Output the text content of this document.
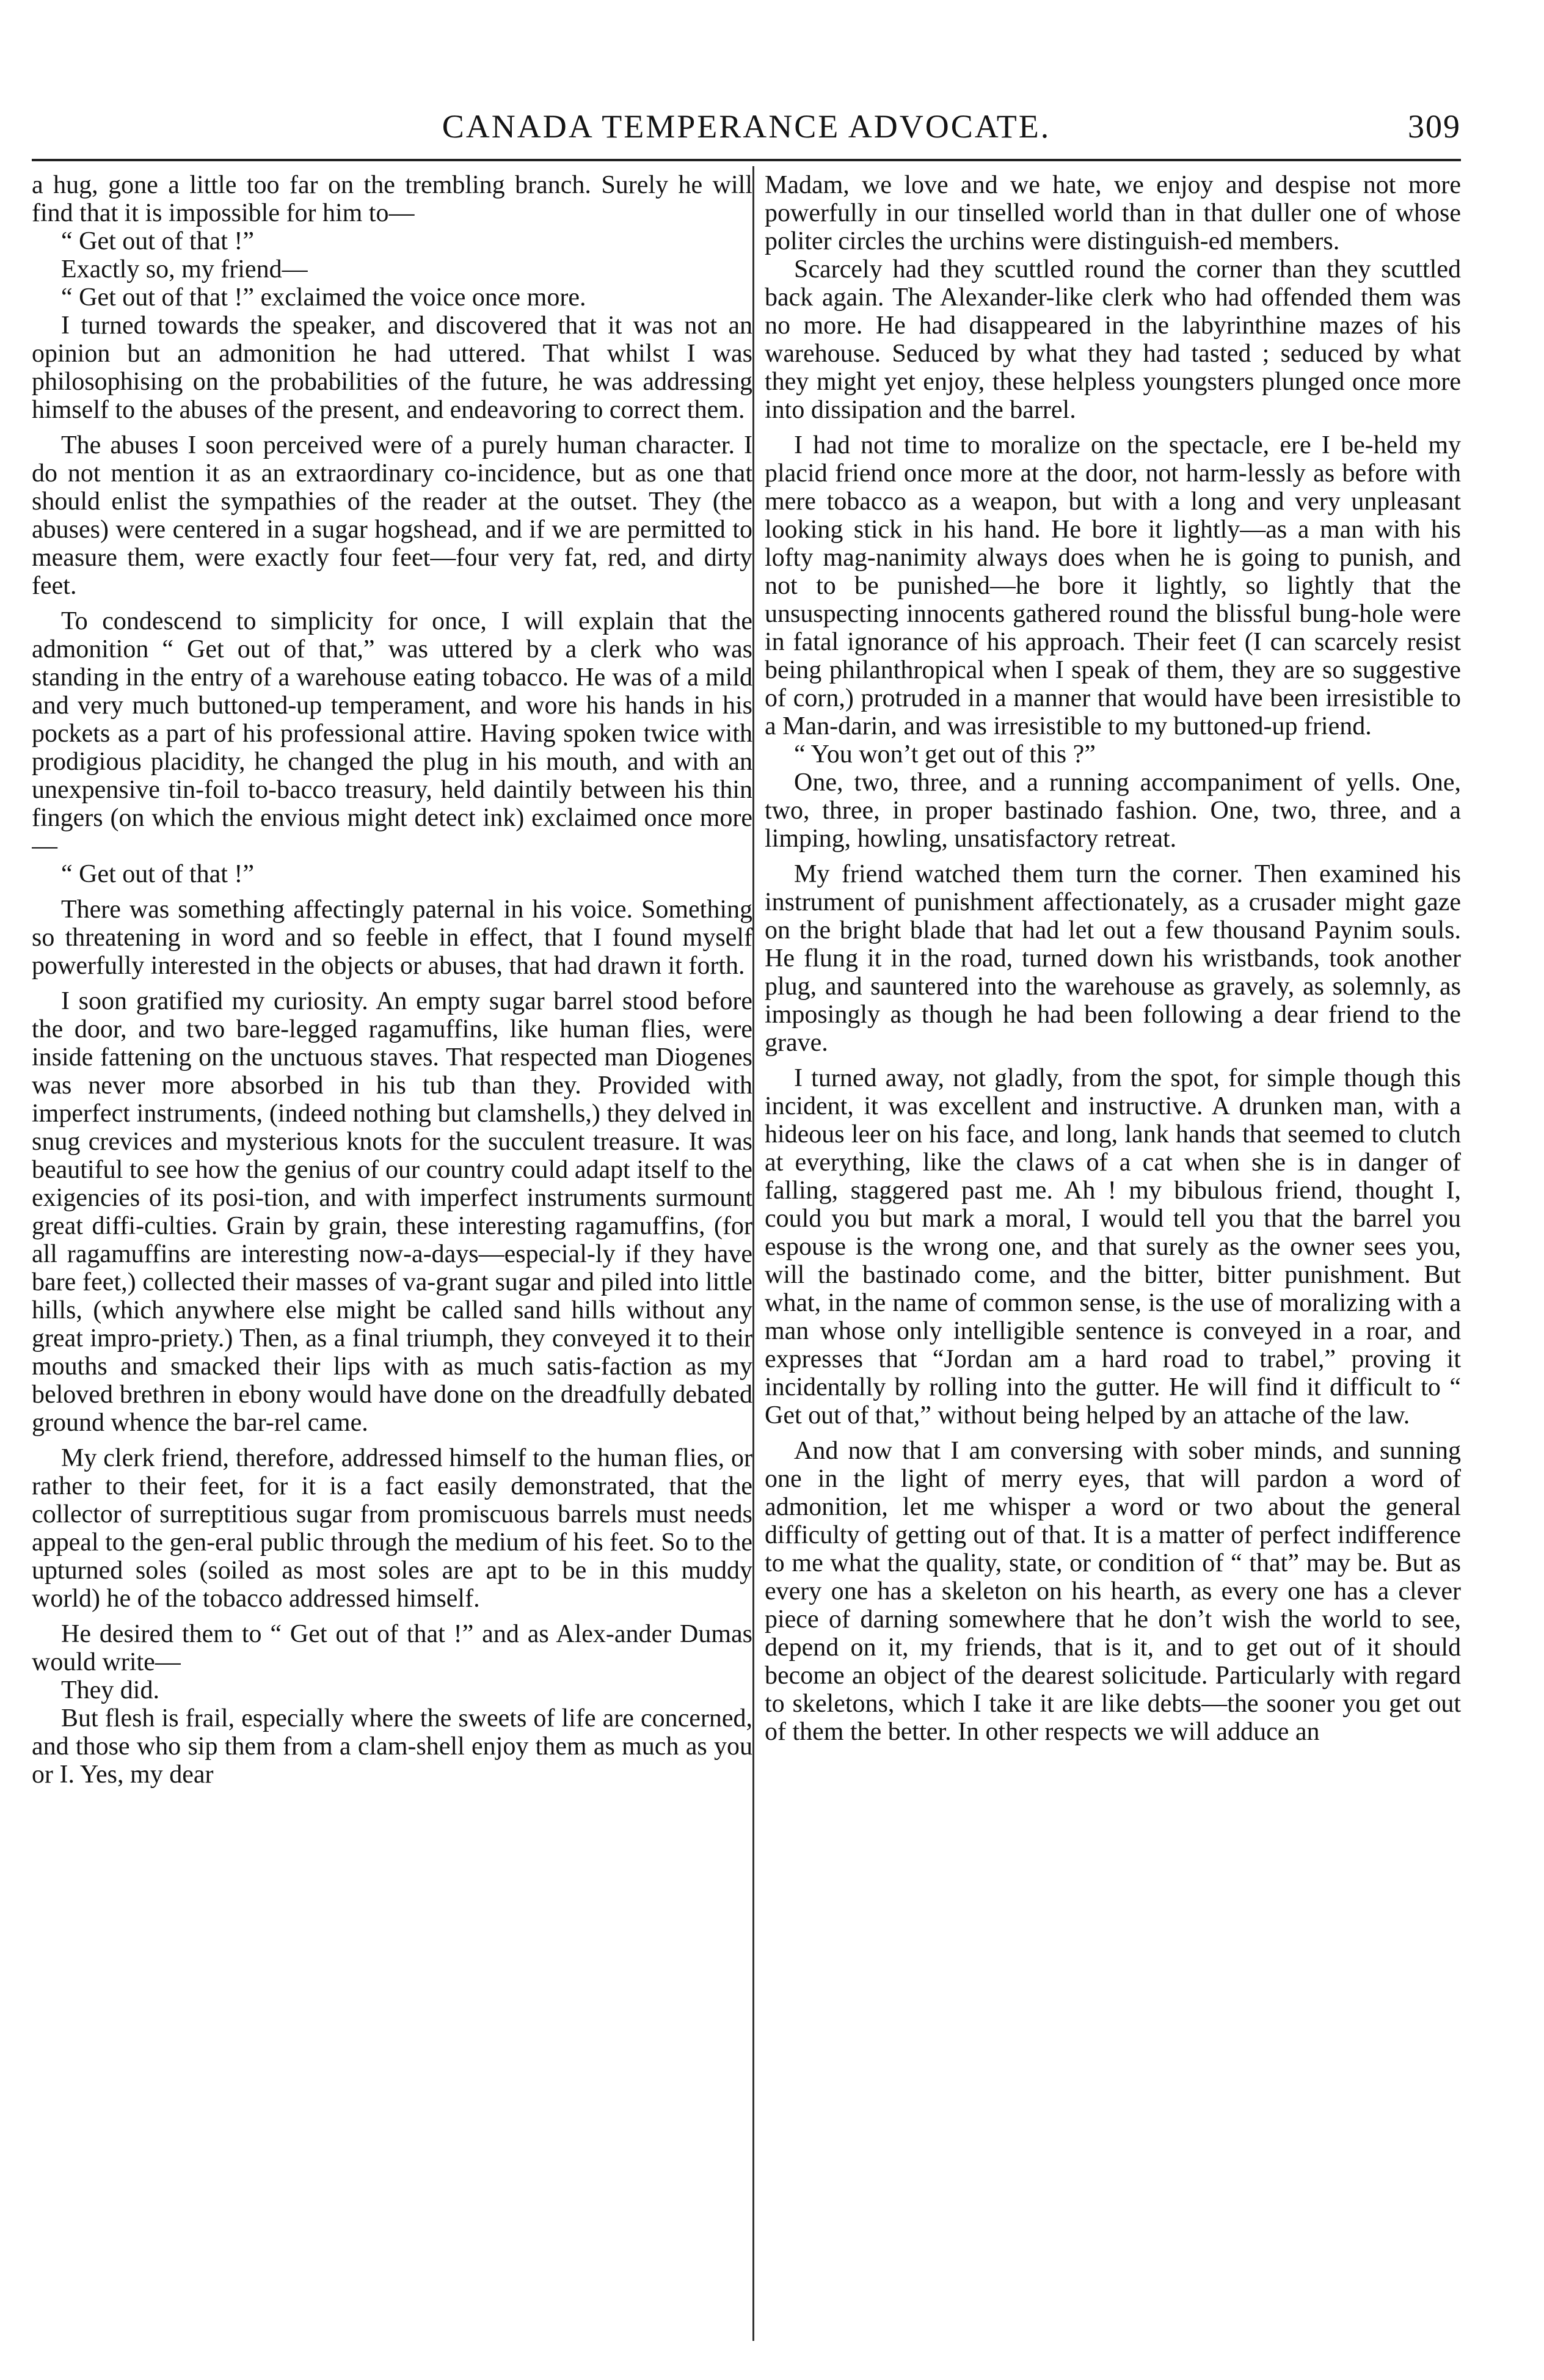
CANADA TEMPERANCE ADVOCATE.	309

a hug, gone a little too far on the trembling branch. Surely he will find that it is impossible for him to—

“ Get out of that !”

Exactly so, my friend—

“ Get out of that !” exclaimed the voice once more.

I turned towards the speaker, and discovered that it was not an opinion but an admonition he had uttered. That whilst I was philosophising on the probabilities of the future, he was addressing himself to the abuses of the present, and endeavoring to correct them.

The abuses I soon perceived were of a purely human character. I do not mention it as an extraordinary co-incidence, but as one that should enlist the sympathies of the reader at the outset. They (the abuses) were centered in a sugar hogshead, and if we are permitted to measure them, were exactly four feet—four very fat, red, and dirty feet.

To condescend to simplicity for once, I will explain that the admonition “ Get out of that,” was uttered by a clerk who was standing in the entry of a warehouse eating tobacco. He was of a mild and very much buttoned-up temperament, and wore his hands in his pockets as a part of his professional attire. Having spoken twice with prodigious placidity, he changed the plug in his mouth, and with an unexpensive tin-foil to-bacco treasury, held daintily between his thin fingers (on which the envious might detect ink) exclaimed once more—

“ Get out of that !”

There was something affectingly paternal in his voice. Something so threatening in word and so feeble in effect, that I found myself powerfully interested in the objects or abuses, that had drawn it forth.

I soon gratified my curiosity. An empty sugar barrel stood before the door, and two bare-legged ragamuffins, like human flies, were inside fattening on the unctuous staves. That respected man Diogenes was never more absorbed in his tub than they. Provided with imperfect instruments, (indeed nothing but clamshells,) they delved in snug crevices and mysterious knots for the succulent treasure. It was beautiful to see how the genius of our country could adapt itself to the exigencies of its posi-tion, and with imperfect instruments surmount great diffi-culties. Grain by grain, these interesting ragamuffins, (for all ragamuffins are interesting now-a-days—especial-ly if they have bare feet,) collected their masses of va-grant sugar and piled into little hills, (which anywhere else might be called sand hills without any great impro-priety.) Then, as a final triumph, they conveyed it to their mouths and smacked their lips with as much satis-faction as my beloved brethren in ebony would have done on the dreadfully debated ground whence the bar-rel came.

My clerk friend, therefore, addressed himself to the human flies, or rather to their feet, for it is a fact easily demonstrated, that the collector of surreptitious sugar from promiscuous barrels must needs appeal to the gen-eral public through the medium of his feet. So to the upturned soles (soiled as most soles are apt to be in this muddy world) he of the tobacco addressed himself.

He desired them to “ Get out of that !” and as Alex-ander Dumas would write—

They did.

But flesh is frail, especially where the sweets of life are concerned, and those who sip them from a clam-shell enjoy them as much as you or I. Yes, my dear

Madam, we love and we hate, we enjoy and despise not more powerfully in our tinselled world than in that duller one of whose politer circles the urchins were distinguish-ed members.

Scarcely had they scuttled round the corner than they scuttled back again. The Alexander-like clerk who had offended them was no more. He had disappeared in the labyrinthine mazes of his warehouse. Seduced by what they had tasted ; seduced by what they might yet enjoy, these helpless youngsters plunged once more into dissipation and the barrel.

I had not time to moralize on the spectacle, ere I be-held my placid friend once more at the door, not harm-lessly as before with mere tobacco as a weapon, but with a long and very unpleasant looking stick in his hand. He bore it lightly—as a man with his lofty mag-nanimity always does when he is going to punish, and not to be punished—he bore it lightly, so lightly that the unsuspecting innocents gathered round the blissful bung-hole were in fatal ignorance of his approach. Their feet (I can scarcely resist being philanthropical when I speak of them, they are so suggestive of corn,) protruded in a manner that would have been irresistible to a Man-darin, and was irresistible to my buttoned-up friend.

“ You won’t get out of this ?”

One, two, three, and a running accompaniment of yells. One, two, three, in proper bastinado fashion. One, two, three, and a limping, howling, unsatisfactory retreat.

My friend watched them turn the corner. Then examined his instrument of punishment affectionately, as a crusader might gaze on the bright blade that had let out a few thousand Paynim souls. He flung it in the road, turned down his wristbands, took another plug, and sauntered into the warehouse as gravely, as solemnly, as imposingly as though he had been following a dear friend to the grave.

I turned away, not gladly, from the spot, for simple though this incident, it was excellent and instructive. A drunken man, with a hideous leer on his face, and long, lank hands that seemed to clutch at everything, like the claws of a cat when she is in danger of falling, staggered past me. Ah ! my bibulous friend, thought I, could you but mark a moral, I would tell you that the barrel you espouse is the wrong one, and that surely as the owner sees you, will the bastinado come, and the bitter, bitter punishment. But what, in the name of common sense, is the use of moralizing with a man whose only intelligible sentence is conveyed in a roar, and expresses that “Jordan am a hard road to trabel,” proving it incidentally by rolling into the gutter. He will find it difficult to “ Get out of that,” without being helped by an attache of the law.

And now that I am conversing with sober minds, and sunning one in the light of merry eyes, that will pardon a word of admonition, let me whisper a word or two about the general difficulty of getting out of that. It is a matter of perfect indifference to me what the quality, state, or condition of “ that” may be. But as every one has a skeleton on his hearth, as every one has a clever piece of darning somewhere that he don’t wish the world to see, depend on it, my friends, that is it, and to get out of it should become an object of the dearest solicitude. Particularly with regard to skeletons, which I take it are like debts—the sooner you get out of them the better. In other respects we will adduce an
